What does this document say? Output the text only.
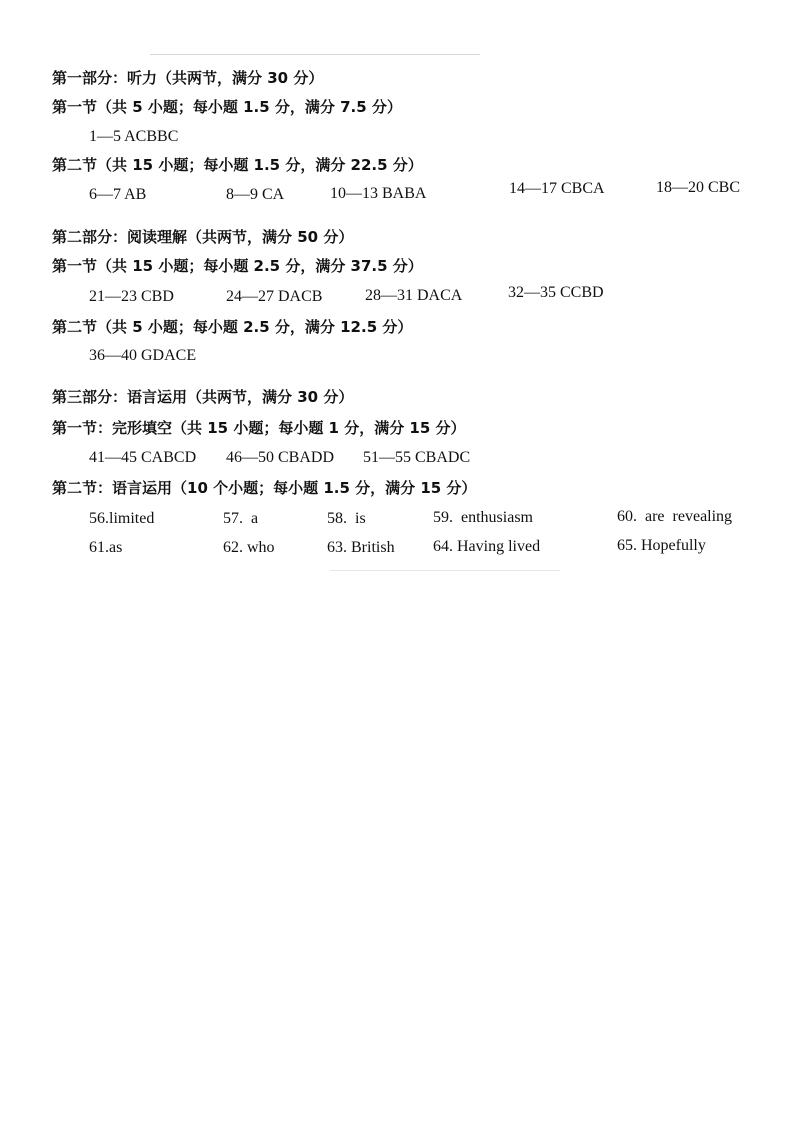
第一部分：听力（共两节，满分 30 分）
第一节（共 5 小题；每小题 1.5 分，满分 7.5 分）
1—5 ACBBC
第二节（共 15 小题；每小题 1.5 分，满分 22.5 分）
6—7 AB	8—9 CA	10—13 BABA	14—17 CBCA	18—20 CBC
第二部分：阅读理解（共两节，满分 50 分）
第一节（共 15 小题；每小题 2.5 分，满分 37.5 分）
21—23 CBD	24—27 DACB	28—31 DACA	32—35 CCBD
第二节（共 5 小题；每小题 2.5 分，满分 12.5 分）
36—40 GDACE
第三部分：语言运用（共两节，满分 30 分）
第一节：完形填空（共 15 小题；每小题 1 分，满分 15 分）
41—45 CABCD 46—50 CBADD 51—55 CBADC
第二节：语言运用（10 个小题；每小题 1.5 分，满分 15 分）
56.limited	57.  a	58.  is	59.  enthusiasm	60.  are  revealing
61.as	62. who	63. British 64. Having lived	65. Hopefully
